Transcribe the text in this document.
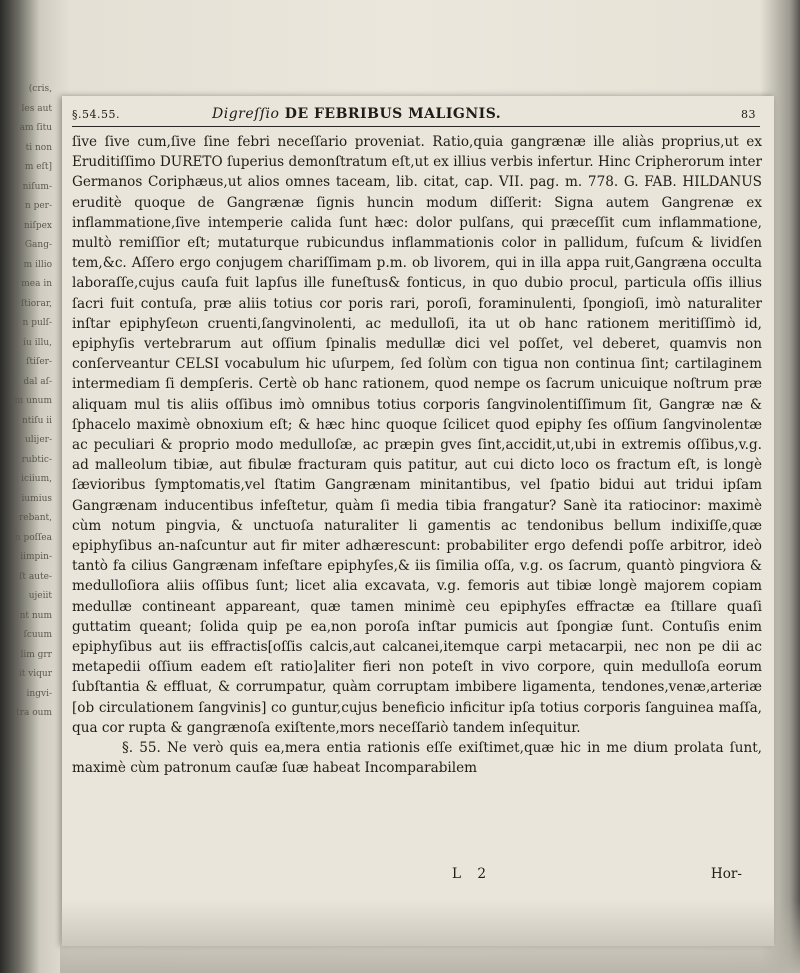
(cris,
les aut
am ſitu
ti non
m eſt]
niſum-
n per-
niſpex
Gang-
m illio
mea in
ſtiorar,
n pulſ-
iu illu,
ſtiſer-
dal aſ-
m unum
ntiſu ii
ulijer-
rubtic-
iciium,
iumius
rebant,
n poſſea
iimpin-
ſt aute-
ujeiit
nt num
ſcuum
lim grr
it viqur
ingvi-
tra oum
§.54.55.	Digreſſio DE FEBRIBUS MALIGNIS.	83

ſive ſive cum,ſive ſine febri neceſſario proveniat. Ratio,quia gangrænæ ille aliàs proprius,ut ex Eruditiſſimo DURETO ſuperius demonſtratum eſt,ut ex illius verbis infertur. Hinc Cripherorum inter Germanos Coriphæus,ut alios omnes taceam, lib. citat, cap. VII. pag. m. 778. G. FAB. HILDANUS eruditè quoque de Gangrænæ ſignis huncin modum diſſerit: Signa autem Gangrenæ ex inflammatione,ſive intemperie calida ſunt hæc: dolor pulſans, qui præceſſit cum inflammatione, multò remiſſior eſt; mutaturque rubicundus inflammationis color in pallidum, fuſcum & lividſen tem,&c. Aſſero ergo conjugem chariſſimam p.m. ob livorem, qui in illa appa ruit,Gangræna occulta laboraſſe,cujus cauſa fuit lapſus ille funeſtus& fonticus, in quo dubio procul, particula oſſis illius ſacri fuit contuſa, præ aliis totius cor poris rari, poroſi, foraminulenti, ſpongioſi, imò naturaliter inſtar epiphyſeωn cruenti,ſangvinolenti, ac medulloſi, ita ut ob hanc rationem meritiſſimò id, epiphyſis vertebrarum aut oſſium ſpinalis medullæ dici vel poſſet, vel deberet, quamvis non conſerveantur CELSI vocabulum hic uſurpem, ſed ſolùm con tigua non continua ſint; cartilaginem intermediam ſi dempſeris. Certè ob hanc rationem, quod nempe os ſacrum unicuique noſtrum præ aliquam mul tis aliis oſſibus imò omnibus totius corporis ſangvinolentiſſimum ſit, Gangræ næ & ſphacelo maximè obnoxium eſt; & hæc hinc quoque ſcilicet quod epiphy ſes oſſium ſangvinolentæ ac peculiari & proprio modo medulloſæ, ac præpin gves ſint,accidit,ut,ubi in extremis oſſibus,v.g. ad malleolum tibiæ, aut fibulæ fracturam quis patitur, aut cui dicto loco os fractum eſt, is longè ſævioribus ſymptomatis,vel ſtatim Gangrænam minitantibus, vel ſpatio bidui aut tridui ipſam Gangrænam inducentibus infeſtetur, quàm ſi media tibia frangatur? Sanè ita ratiocinor: maximè cùm notum pingvia, & unctuoſa naturaliter li gamentis ac tendonibus bellum indixiſſe,quæ epiphyſibus an-naſcuntur aut fir miter adhærescunt: probabiliter ergo defendi poſſe arbitror, ideò tantò fa cilius Gangrænam infeſtare epiphyſes,& iis ſimilia oſſa, v.g. os ſacrum, quantò pingviora & medulloſiora aliis oſſibus ſunt; licet alia excavata, v.g. femoris aut tibiæ longè majorem copiam medullæ contineant appareant, quæ tamen minimè ceu epiphyſes effractæ ea ſtillare quaſi guttatim queant; ſolida quip pe ea,non poroſa inſtar pumicis aut ſpongiæ ſunt. Contuſis enim epiphyſibus aut iis effractis[oſſis calcis,aut calcanei,itemque carpi metacarpii, nec non pe dii ac metapedii oſſium eadem eſt ratio]aliter fieri non poteſt in vivo corpore, quin medulloſa eorum ſubſtantia & effluat, & corrumpatur, quàm corruptam imbibere ligamenta, tendones,venæ,arteriæ [ob circulationem ſangvinis] co guntur,cujus beneficio inficitur ipſa totius corporis ſanguinea maſſa, qua cor rupta & gangrænoſa exiſtente,mors neceſſariò tandem inſequitur.

§. 55. Ne verò quis ea,mera entia rationis eſſe exiſtimet,quæ hic in me dium prolata ſunt, maximè cùm patronum cauſæ ſuæ habeat Incomparabilem

L 2	Hor-
